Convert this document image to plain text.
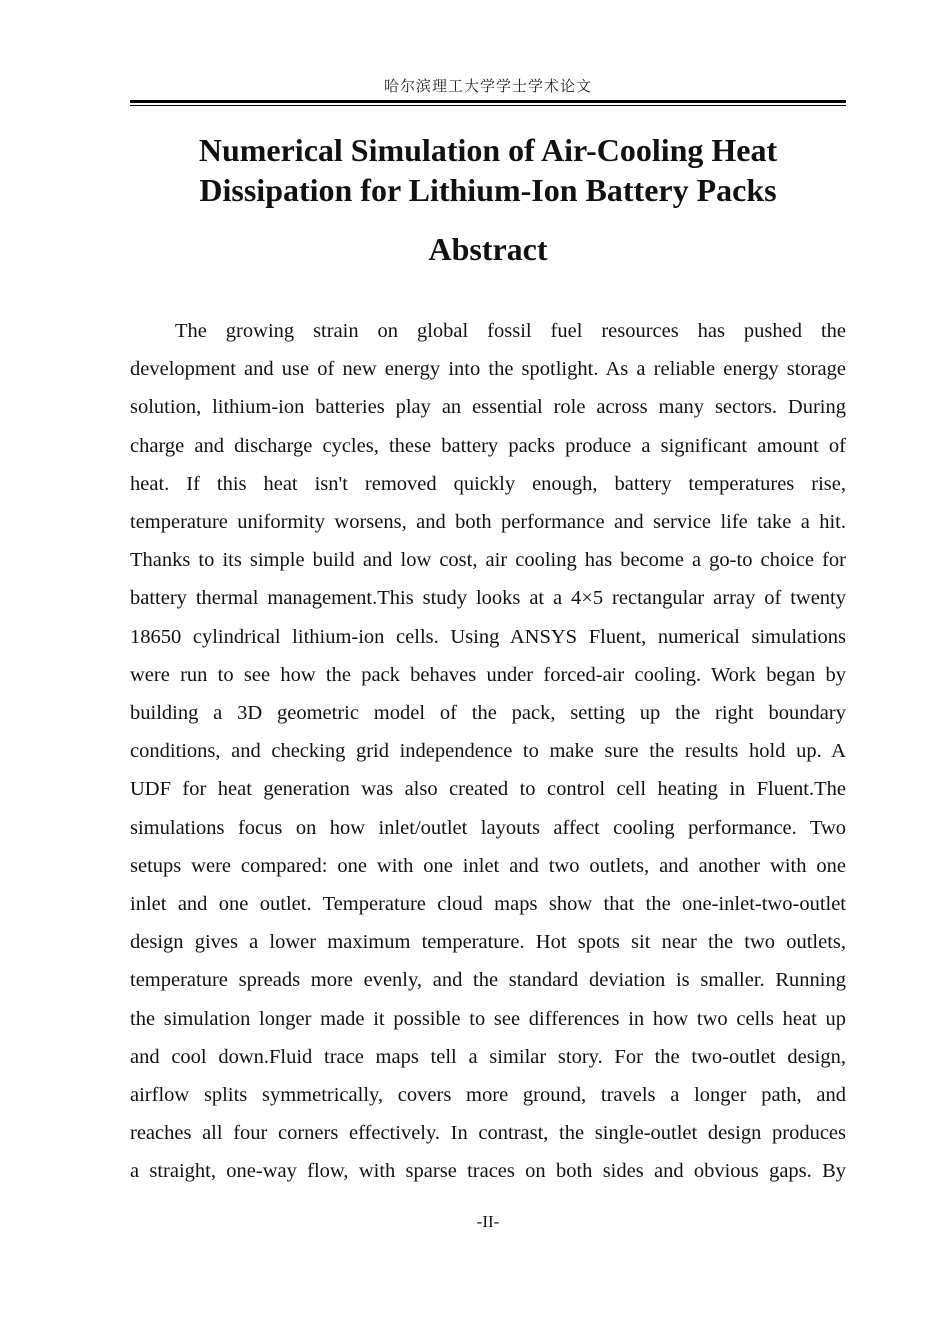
哈尔滨理工大学学士学术论文
Numerical Simulation of Air-Cooling Heat
Dissipation for Lithium-Ion Battery Packs
Abstract
The growing strain on global fossil fuel resources has pushed the
development and use of new energy into the spotlight. As a reliable energy storage
solution, lithium-ion batteries play an essential role across many sectors. During
charge and discharge cycles, these battery packs produce a significant amount of
heat. If this heat isn't removed quickly enough, battery temperatures rise,
temperature uniformity worsens, and both performance and service life take a hit.
Thanks to its simple build and low cost, air cooling has become a go-to choice for
battery thermal management.This study looks at a 4×5 rectangular array of twenty
18650 cylindrical lithium-ion cells. Using ANSYS Fluent, numerical simulations
were run to see how the pack behaves under forced-air cooling. Work began by
building a 3D geometric model of the pack, setting up the right boundary
conditions, and checking grid independence to make sure the results hold up. A
UDF for heat generation was also created to control cell heating in Fluent.The
simulations focus on how inlet/outlet layouts affect cooling performance. Two
setups were compared: one with one inlet and two outlets, and another with one
inlet and one outlet. Temperature cloud maps show that the one-inlet-two-outlet
design gives a lower maximum temperature. Hot spots sit near the two outlets,
temperature spreads more evenly, and the standard deviation is smaller. Running
the simulation longer made it possible to see differences in how two cells heat up
and cool down.Fluid trace maps tell a similar story. For the two-outlet design,
airflow splits symmetrically, covers more ground, travels a longer path, and
reaches all four corners effectively. In contrast, the single-outlet design produces
a straight, one-way flow, with sparse traces on both sides and obvious gaps. By
-II-
